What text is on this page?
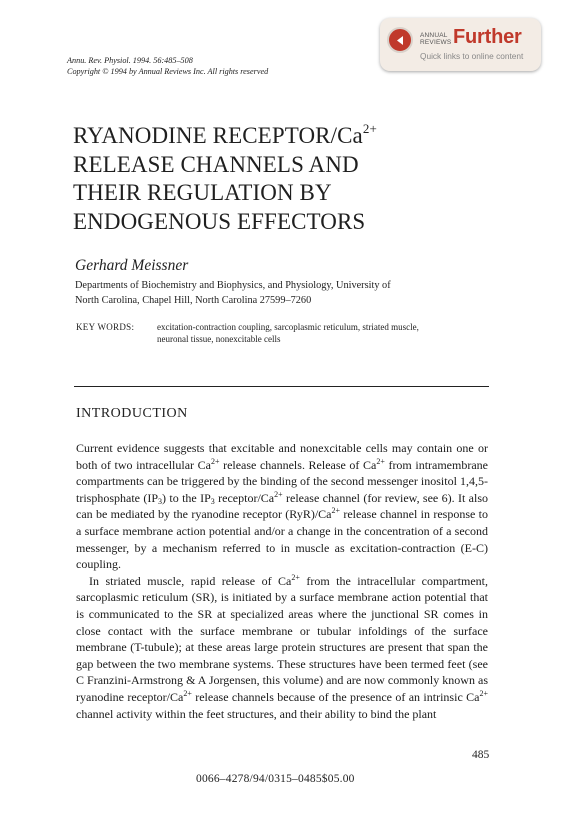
Annu. Rev. Physiol. 1994. 56:485–508
Copyright © 1994 by Annual Reviews Inc. All rights reserved
ANNUAL
REVIEWS Further
Quick links to online content
RYANODINE RECEPTOR/$Ca^{2+}$
RELEASE CHANNELS AND
THEIR REGULATION BY
ENDOGENOUS EFFECTORS
Gerhard Meissner
Departments of Biochemistry and Biophysics, and Physiology, University of
North Carolina, Chapel Hill, North Carolina 27599–7260
KEY WORDS:	excitation-contraction coupling, sarcoplasmic reticulum, striated muscle,
neuronal tissue, nonexcitable cells
INTRODUCTION

Current evidence suggests that excitable and nonexcitable cells may contain one or both of two intracellular $Ca^{2+}$ release channels. Release of $Ca^{2+}$ from intramembrane compartments can be triggered by the binding of the second messenger inositol 1,4,5-trisphosphate $(IP_3)$ to the $IP_3$ receptor/$Ca^{2+}$ release channel (for review, see 6). It also can be mediated by the ryanodine receptor $(RyR)/Ca^{2+}$ release channel in response to a surface membrane action potential and/or a change in the concentration of a second messenger, by a mechanism referred to in muscle as excitation-contraction (E-C) coupling.

In striated muscle, rapid release of $Ca^{2+}$ from the intracellular compartment, sarcoplasmic reticulum (SR), is initiated by a surface membrane action potential that is communicated to the SR at specialized areas where the junctional SR comes in close contact with the surface membrane or tubular infoldings of the surface membrane (T-tubule); at these areas large protein structures are present that span the gap between the two membrane systems. These structures have been termed feet (see C Franzini-Armstrong & A Jorgensen, this volume) and are now commonly known as ryanodine receptor/$Ca^{2+}$ release channels because of the presence of an intrinsic $Ca^{2+}$ channel activity within the feet structures, and their ability to bind the plant

485
0066–4278/94/0315–0485$05.00
